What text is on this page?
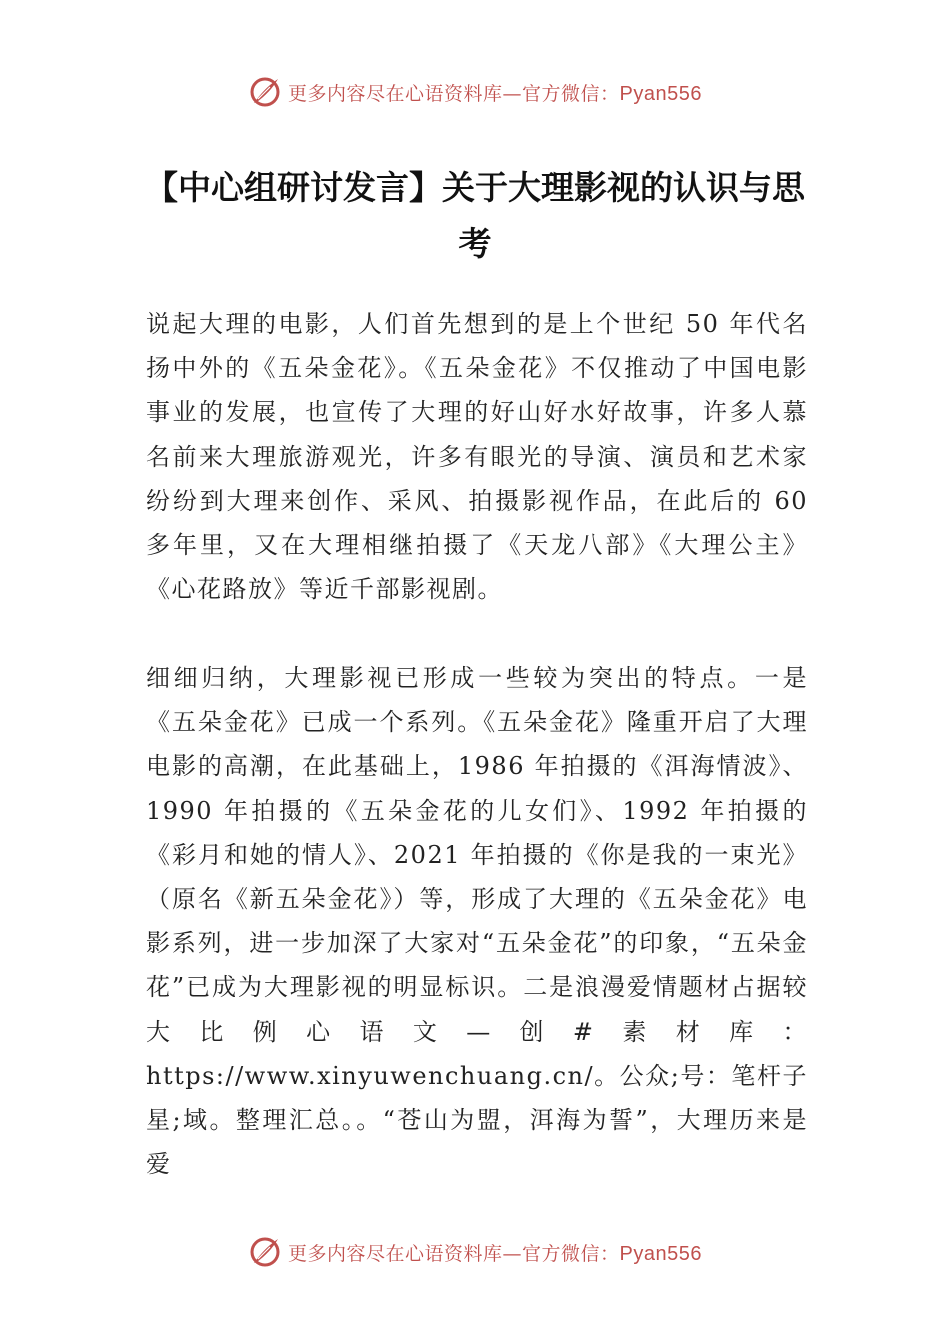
更多内容尽在心语资料库—官方微信：Pyan556
【中心组研讨发言】关于大理影视的认识与思考

说起大理的电影，人们首先想到的是上个世纪 50 年代名扬中外的《五朵金花》。《五朵金花》不仅推动了中国电影事业的发展，也宣传了大理的好山好水好故事，许多人慕名前来大理旅游观光，许多有眼光的导演、演员和艺术家纷纷到大理来创作、采风、拍摄影视作品，在此后的 60 多年里，又在大理相继拍摄了《天龙八部》《大理公主》《心花路放》等近千部影视剧。

细细归纳，大理影视已形成一些较为突出的特点。一是《五朵金花》已成一个系列。《五朵金花》隆重开启了大理电影的高潮，在此基础上，1986 年拍摄的《洱海情波》、 1990 年拍摄的《五朵金花的儿女们》、1992 年拍摄的《彩月和她的情人》、2021 年拍摄的《你是我的一束光》（原名《新五朵金花》）等，形成了大理的《五朵金花》电影系列，进一步加深了大家对“五朵金花”的印象，“五朵金花”已成为大理影视的明显标识。二是浪漫爱情题材占据较大比例心语文—创#素材库：https://www.xinyuwenchuang.cn/。公众;号：笔杆子星;域。整理汇总。。“苍山为盟，洱海为誓”，大理历来是爱

更多内容尽在心语资料库—官方微信：Pyan556
